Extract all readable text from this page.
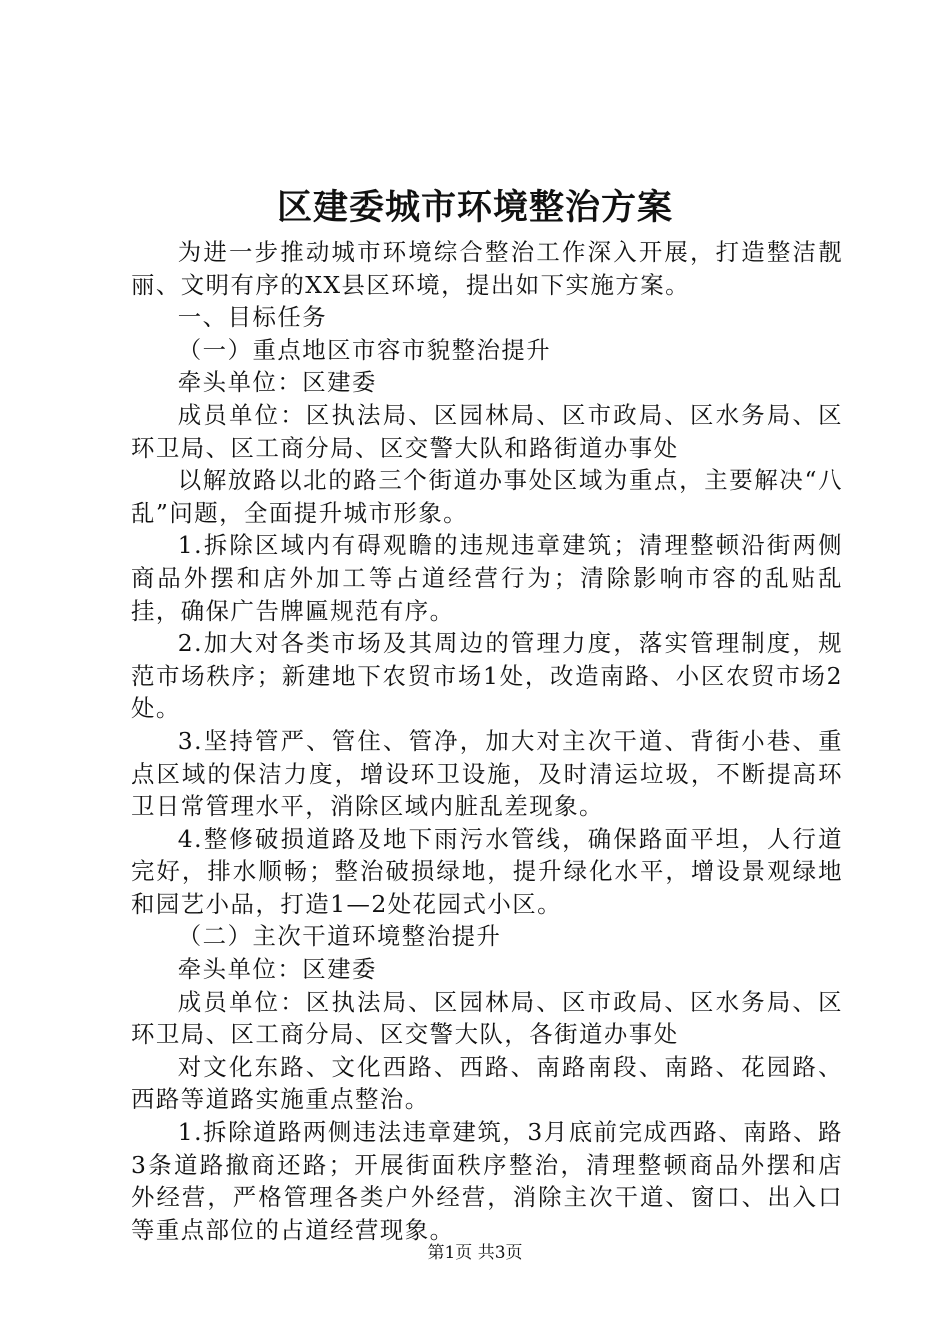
区建委城市环境整治方案

为进一步推动城市环境综合整治工作深入开展，打造整洁靓丽、文明有序的XX县区环境，提出如下实施方案。

一、目标任务

（一）重点地区市容市貌整治提升

牵头单位：区建委

成员单位：区执法局、区园林局、区市政局、区水务局、区环卫局、区工商分局、区交警大队和路街道办事处

以解放路以北的路三个街道办事处区域为重点，主要解决“八乱”问题，全面提升城市形象。

1.拆除区域内有碍观瞻的违规违章建筑；清理整顿沿街两侧商品外摆和店外加工等占道经营行为；清除影响市容的乱贴乱挂，确保广告牌匾规范有序。

2.加大对各类市场及其周边的管理力度，落实管理制度，规范市场秩序；新建地下农贸市场1处，改造南路、小区农贸市场2处。

3.坚持管严、管住、管净，加大对主次干道、背街小巷、重点区域的保洁力度，增设环卫设施，及时清运垃圾，不断提高环卫日常管理水平，消除区域内脏乱差现象。

4.整修破损道路及地下雨污水管线，确保路面平坦，人行道完好，排水顺畅；整治破损绿地，提升绿化水平，增设景观绿地和园艺小品，打造1—2处花园式小区。

（二）主次干道环境整治提升

牵头单位：区建委

成员单位：区执法局、区园林局、区市政局、区水务局、区环卫局、区工商分局、区交警大队，各街道办事处

对文化东路、文化西路、西路、南路南段、南路、花园路、西路等道路实施重点整治。

1.拆除道路两侧违法违章建筑，3月底前完成西路、南路、路3条道路撤商还路；开展街面秩序整治，清理整顿商品外摆和店外经营，严格管理各类户外经营，消除主次干道、窗口、出入口等重点部位的占道经营现象。

第1页 共3页
